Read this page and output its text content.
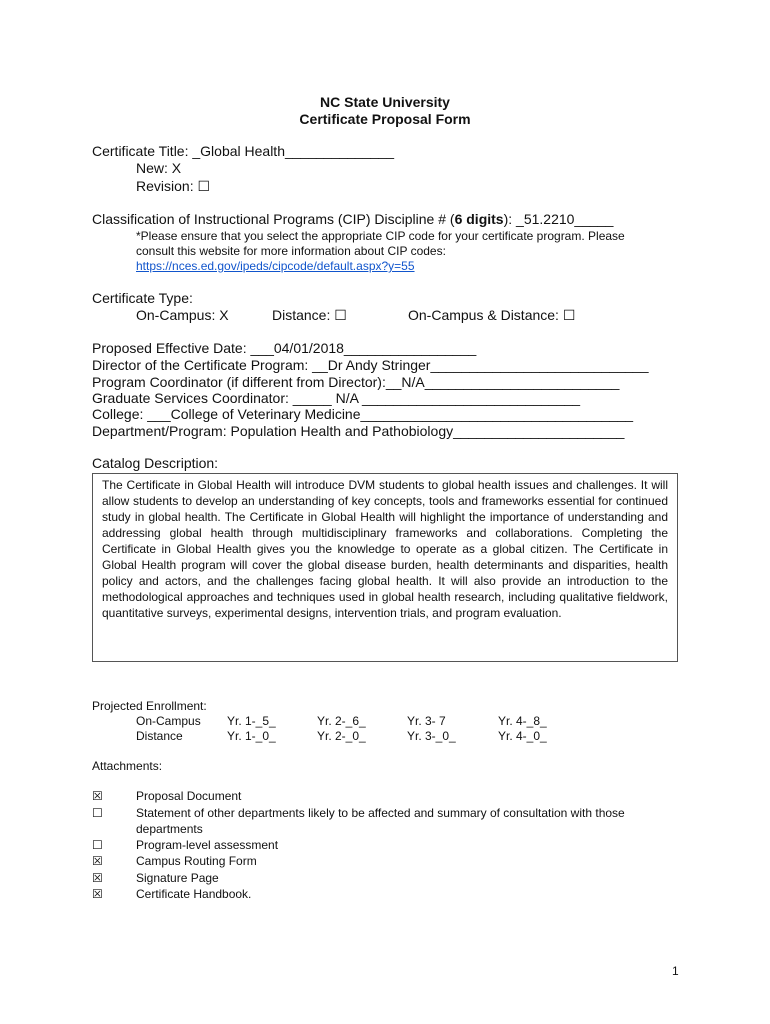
NC State University
Certificate Proposal Form
Certificate Title: _Global Health______________
New: X
Revision: ☐
Classification of Instructional Programs (CIP) Discipline # (6 digits): _51.2210_____
*Please ensure that you select the appropriate CIP code for your certificate program. Please
consult this website for more information about CIP codes:
https://nces.ed.gov/ipeds/cipcode/default.aspx?y=55
Certificate Type:
On-Campus: X	Distance: ☐	On-Campus & Distance: ☐
Proposed Effective Date: ___04/01/2018_________________
Director of the Certificate Program: __Dr Andy Stringer____________________________
Program Coordinator (if different from Director):__N/A_________________________
Graduate Services Coordinator: _____ N/A ____________________________
College: ___College of Veterinary Medicine___________________________________
Department/Program: Population Health and Pathobiology______________________
Catalog Description:
The Certificate in Global Health will introduce DVM students to global health issues and challenges. It will allow students to develop an understanding of key concepts, tools and frameworks essential for continued study in global health. The Certificate in Global Health will highlight the importance of understanding and addressing global health through multidisciplinary frameworks and collaborations. Completing the Certificate in Global Health gives you the knowledge to operate as a global citizen. The Certificate in Global Health program will cover the global disease burden, health determinants and disparities, health policy and actors, and the challenges facing global health. It will also provide an introduction to the methodological approaches and techniques used in global health research, including qualitative fieldwork, quantitative surveys, experimental designs, intervention trials, and program evaluation.
Projected Enrollment:
On-Campus Yr. 1-_5_	Yr. 2-_6_	Yr. 3- 7	Yr. 4-_8_
Distance	Yr. 1-_0_	Yr. 2-_0_	Yr. 3-_0_	Yr. 4-_0_
Attachments:
☒	Proposal Document
☐	Statement of other departments likely to be affected and summary of consultation with those
departments
☐	Program-level assessment
☒	Campus Routing Form
☒	Signature Page
☒	Certificate Handbook.
1
